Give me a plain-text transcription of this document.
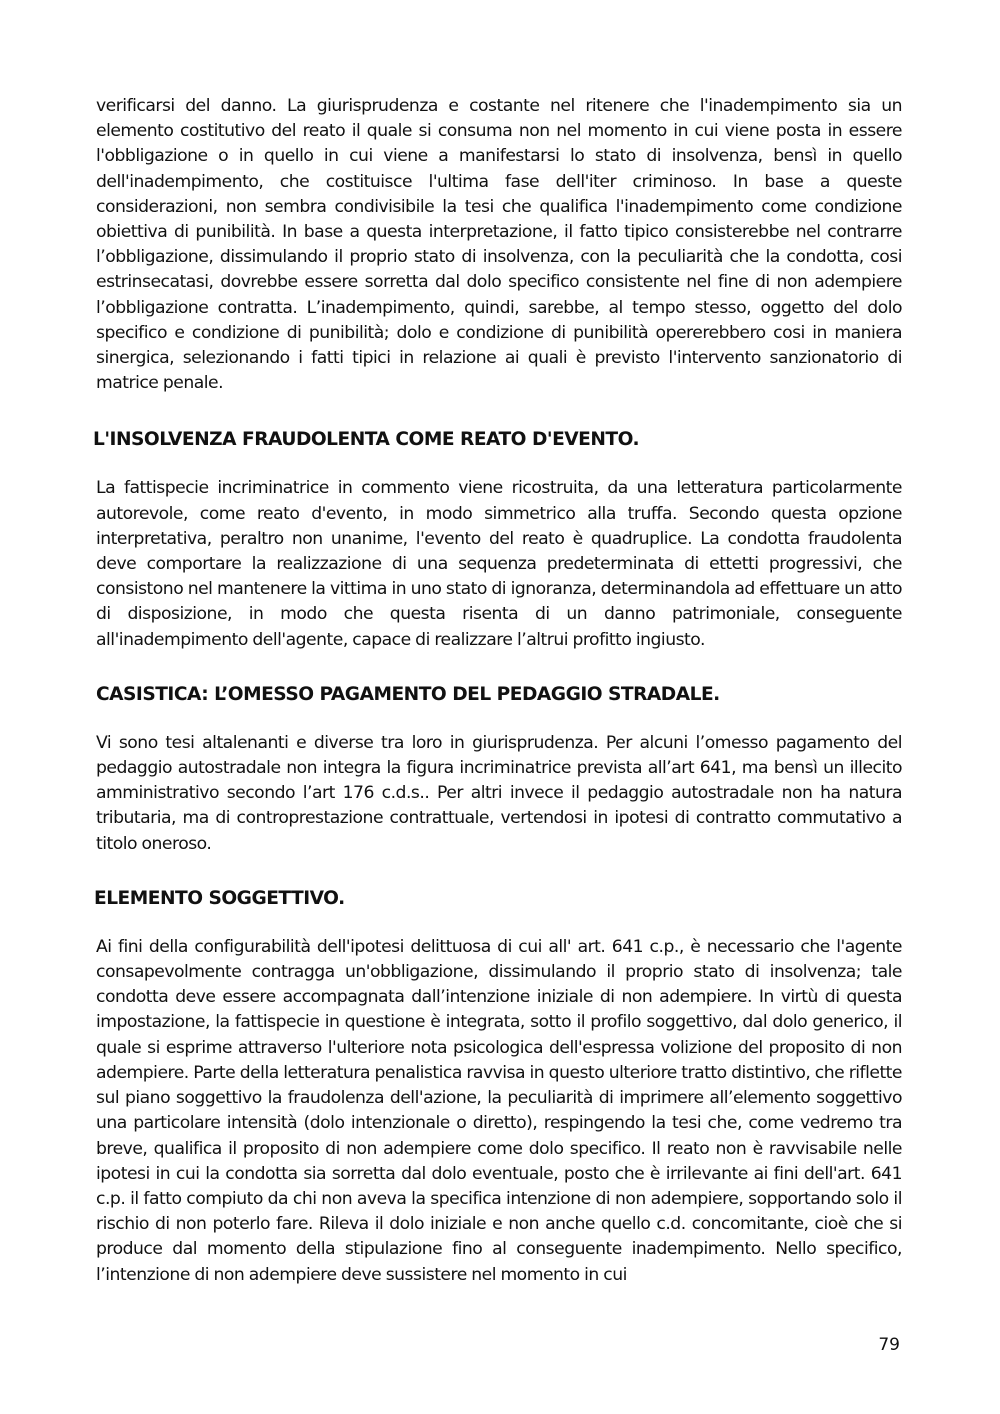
verificarsi del danno. La giurisprudenza e costante nel ritenere che l'inadempimento sia un elemento costitutivo del reato il quale si consuma non nel momento in cui viene posta in essere l'obbligazione o in quello in cui viene a manifestarsi lo stato di insolvenza, bensì in quello dell'inadempimento, che costituisce l'ultima fase dell'iter criminoso. In base a queste considerazioni, non sembra condivisibile la tesi che qualifica l'inadempimento come condizione obiettiva di punibilità. In base a questa interpretazione, il fatto tipico consisterebbe nel contrarre l’obbligazione, dissimulando il proprio stato di insolvenza, con la peculiarità che la condotta, cosi estrinsecatasi, dovrebbe essere sorretta dal dolo specifico consistente nel fine di non adempiere l’obbligazione contratta. L’inadempimento, quindi, sarebbe, al tempo stesso, oggetto del dolo specifico e condizione di punibilità; dolo e condizione di punibilità opererebbero cosi in maniera sinergica, selezionando i fatti tipici in relazione ai quali è previsto l'intervento sanzionatorio di matrice penale.

L'INSOLVENZA FRAUDOLENTA COME REATO D'EVENTO.

La fattispecie incriminatrice in commento viene ricostruita, da una letteratura particolarmente autorevole, come reato d'evento, in modo simmetrico alla truffa. Secondo questa opzione interpretativa, peraltro non unanime, l'evento del reato è quadruplice. La condotta fraudolenta deve comportare la realizzazione di una sequenza predeterminata di ettetti progressivi, che consistono nel mantenere la vittima in uno stato di ignoranza, determinandola ad effettuare un atto di disposizione, in modo che questa risenta di un danno patrimoniale, conseguente all'inadempimento dell'agente, capace di realizzare l’altrui profitto ingiusto.

CASISTICA: L’OMESSO PAGAMENTO DEL PEDAGGIO STRADALE.

Vi sono tesi altalenanti e diverse tra loro in giurisprudenza. Per alcuni l’omesso pagamento del pedaggio autostradale non integra la figura incriminatrice prevista all’art 641, ma bensì un illecito amministrativo secondo l’art 176 c.d.s.. Per altri invece il pedaggio autostradale non ha natura tributaria, ma di controprestazione contrattuale, vertendosi in ipotesi di contratto commutativo a titolo oneroso.

ELEMENTO SOGGETTIVO.

Ai fini della configurabilità dell'ipotesi delittuosa di cui all' art. 641 c.p., è necessario che l'agente consapevolmente contragga un'obbligazione, dissimulando il proprio stato di insolvenza; tale condotta deve essere accompagnata dall’intenzione iniziale di non adempiere. In virtù di questa impostazione, la fattispecie in questione è integrata, sotto il profilo soggettivo, dal dolo generico, il quale si esprime attraverso l'ulteriore nota psicologica dell'espressa volizione del proposito di non adempiere. Parte della letteratura penalistica ravvisa in questo ulteriore tratto distintivo, che riflette sul piano soggettivo la fraudolenza dell'azione, la peculiarità di imprimere all’elemento soggettivo una particolare intensità (dolo intenzionale o diretto), respingendo la tesi che, come vedremo tra breve, qualifica il proposito di non adempiere come dolo specifico. Il reato non è ravvisabile nelle ipotesi in cui la condotta sia sorretta dal dolo eventuale, posto che è irrilevante ai fini dell'art. 641 c.p. il fatto compiuto da chi non aveva la specifica intenzione di non adempiere, sopportando solo il rischio di non poterlo fare. Rileva il dolo iniziale e non anche quello c.d. concomitante, cioè che si produce dal momento della stipulazione fino al conseguente inadempimento. Nello specifico, l’intenzione di non adempiere deve sussistere nel momento in cui

79
